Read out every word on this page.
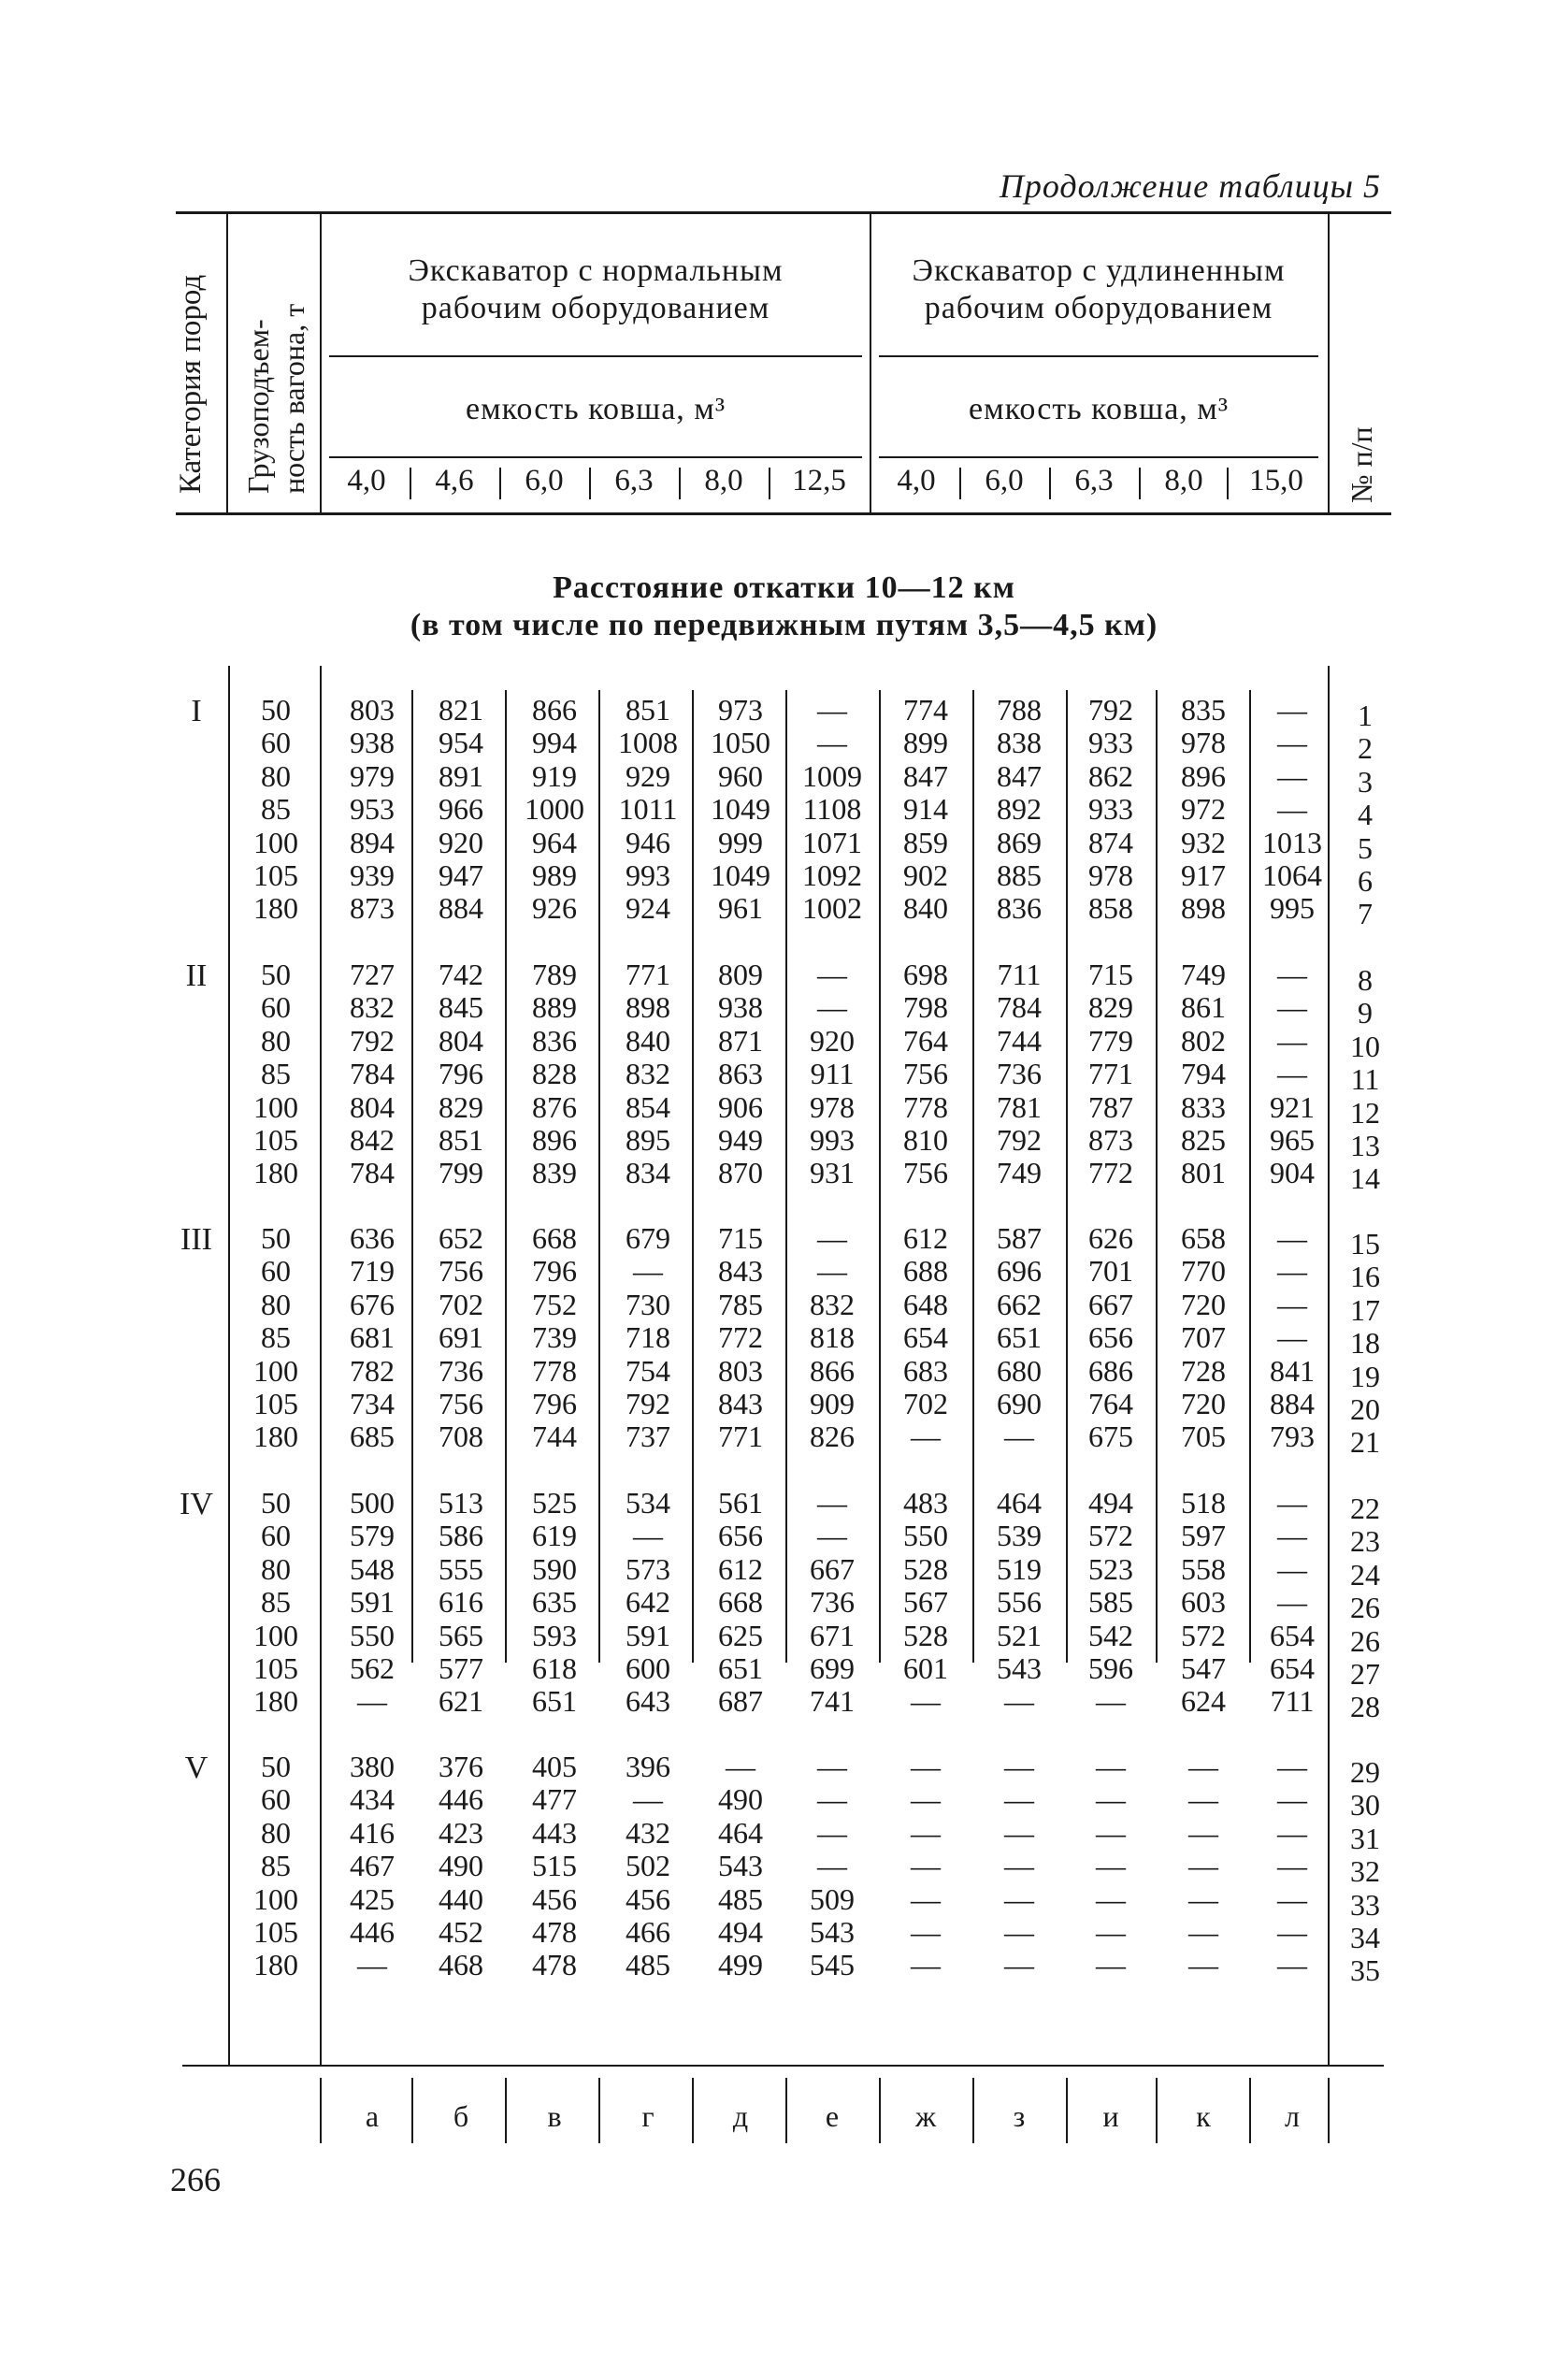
Продолжение таблицы 5
Категория пород Грузоподъем- ность вагона, т	№ п/п
Экскаватор с нормальным
рабочим оборудованием
Экскаватор с удлиненным
рабочим оборудованием
емкость ковша, м³	емкость ковша, м³
4,0	4,6	6,0	6,3	8,0	12,5	4,0	6,0	6,3	8,0	15,0
Расстояние откатки 10—12 км
(в том числе по передвижным путям 3,5—4,5 км)
I	50	803	821	866	851	973	—	774	788	792	835	—	1
60	938	954	994	1008	1050	—	899	838	933	978	—	2
80	979	891	919	929	960	1009	847	847	862	896	—	3
85	953	966	1000	1011	1049	1108	914	892	933	972	—	4
100	894	920	964	946	999	1071	859	869	874	932	1013	5
105	939	947	989	993	1049	1092	902	885	978	917	1064	6
180	873	884	926	924	961	1002	840	836	858	898	995	7
II	50	727	742	789	771	809	—	698	711	715	749	—	8
60	832	845	889	898	938	—	798	784	829	861	—	9
80	792	804	836	840	871	920	764	744	779	802	—	10
85	784	796	828	832	863	911	756	736	771	794	—	11
100	804	829	876	854	906	978	778	781	787	833	921	12
105	842	851	896	895	949	993	810	792	873	825	965	13
180	784	799	839	834	870	931	756	749	772	801	904	14
III	50	636	652	668	679	715	—	612	587	626	658	—	15
60	719	756	796	—	843	—	688	696	701	770	—	16
80	676	702	752	730	785	832	648	662	667	720	—	17
85	681	691	739	718	772	818	654	651	656	707	—	18
100	782	736	778	754	803	866	683	680	686	728	841	19
105	734	756	796	792	843	909	702	690	764	720	884	20
180	685	708	744	737	771	826	—	—	675	705	793	21
IV	50	500	513	525	534	561	—	483	464	494	518	—	22
60	579	586	619	—	656	—	550	539	572	597	—	23
80	548	555	590	573	612	667	528	519	523	558	—	24
85	591	616	635	642	668	736	567	556	585	603	—	26
100	550	565	593	591	625	671	528	521	542	572	654	26
105	562	577	618	600	651	699	601	543	596	547	654	27
180	—	621	651	643	687	741	—	—	—	624	711	28
V	50	380	376	405	396	—	—	—	—	—	—	—	29
60	434	446	477	—	490	—	—	—	—	—	—	30
80	416	423	443	432	464	—	—	—	—	—	—	31
85	467	490	515	502	543	—	—	—	—	—	—	32
100	425	440	456	456	485	509	—	—	—	—	—	33
105	446	452	478	466	494	543	—	—	—	—	—	34
180	—	468	478	485	499	545	—	—	—	—	—	35
а	б	в	г	д	е	ж	з	и	к	л
266
